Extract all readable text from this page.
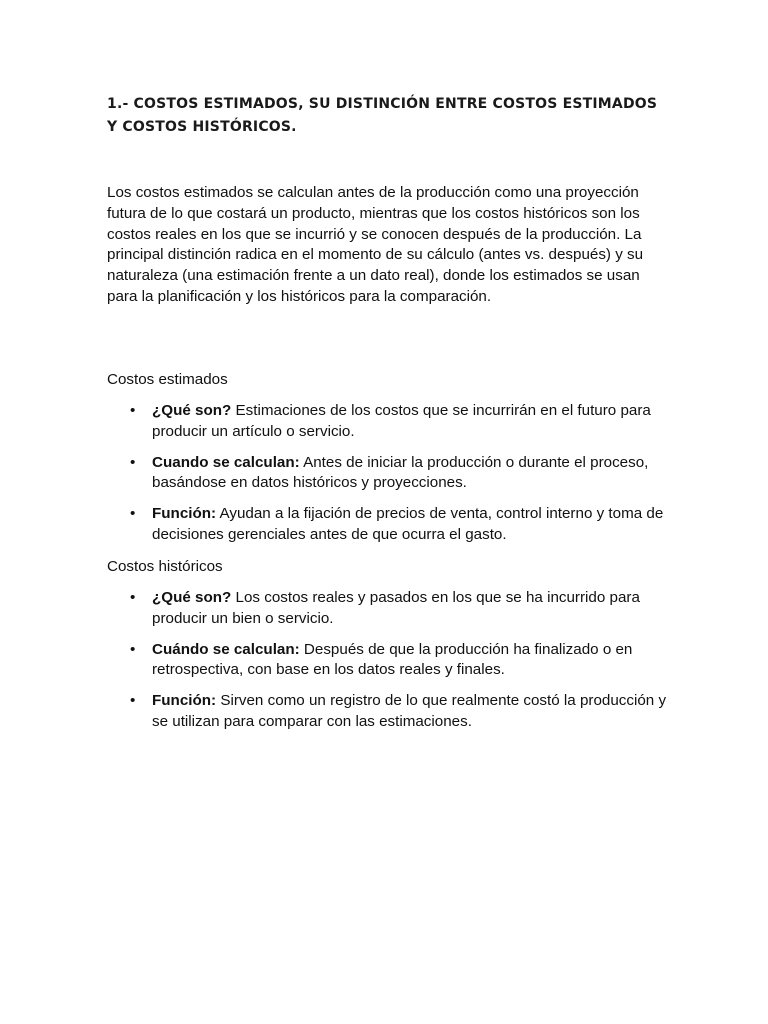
1.- COSTOS ESTIMADOS, SU DISTINCIÓN ENTRE COSTOS ESTIMADOS Y COSTOS HISTÓRICOS.

Los costos estimados se calculan antes de la producción como una proyección futura de lo que costará un producto, mientras que los costos históricos son los costos reales en los que se incurrió y se conocen después de la producción. La principal distinción radica en el momento de su cálculo (antes vs. después) y su naturaleza (una estimación frente a un dato real), donde los estimados se usan para la planificación y los históricos para la comparación.

Costos estimados

• ¿Qué son? Estimaciones de los costos que se incurrirán en el futuro para producir un artículo o servicio.
• Cuando se calculan: Antes de iniciar la producción o durante el proceso, basándose en datos históricos y proyecciones.
• Función: Ayudan a la fijación de precios de venta, control interno y toma de decisiones gerenciales antes de que ocurra el gasto.

Costos históricos

• ¿Qué son? Los costos reales y pasados en los que se ha incurrido para producir un bien o servicio.
• Cuándo se calculan: Después de que la producción ha finalizado o en retrospectiva, con base en los datos reales y finales.
• Función: Sirven como un registro de lo que realmente costó la producción y se utilizan para comparar con las estimaciones.
